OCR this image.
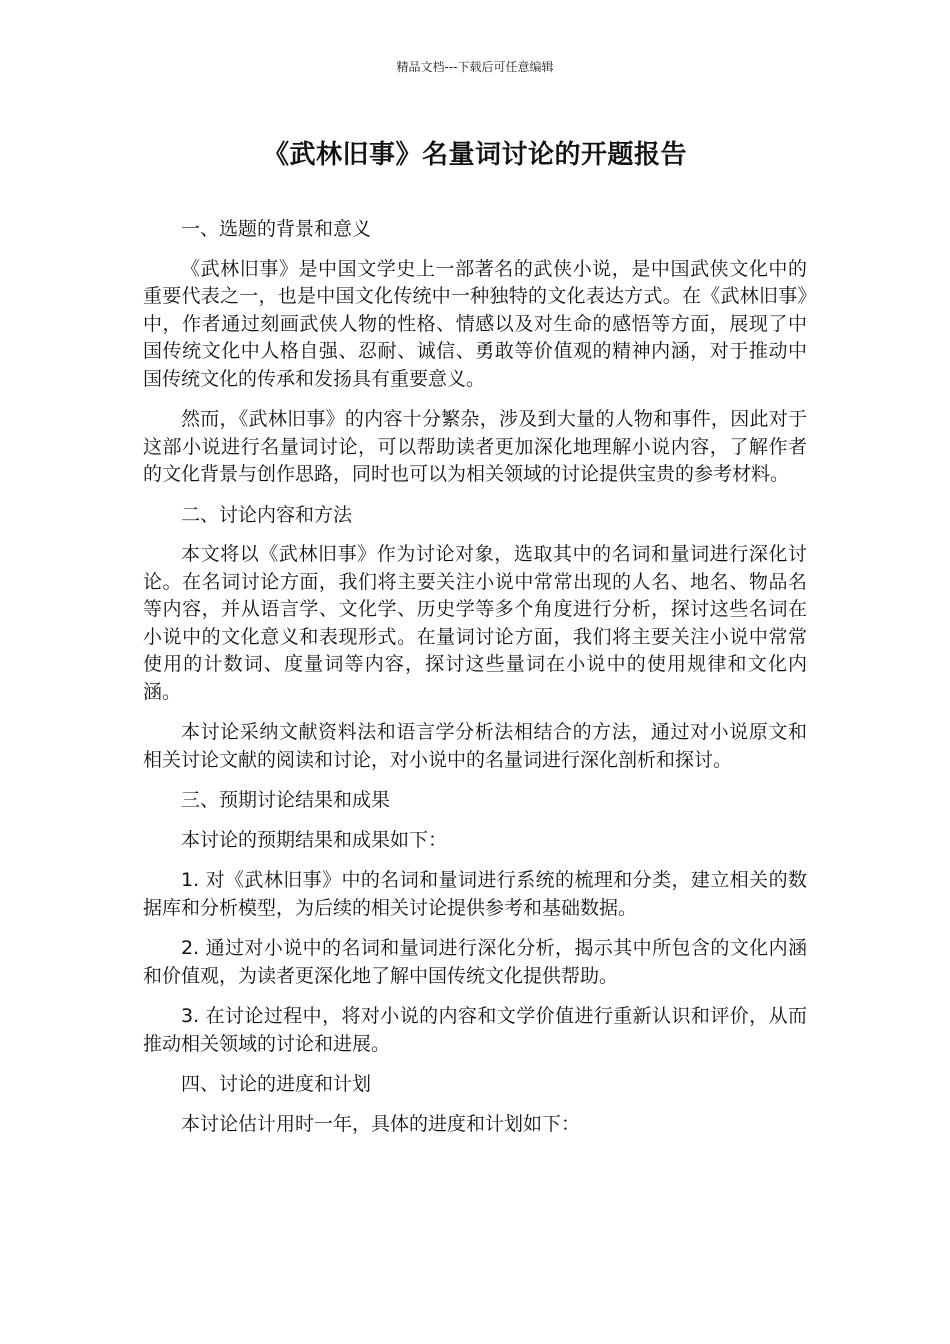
精品文档---下载后可任意编辑
《武林旧事》名量词讨论的开题报告

一、选题的背景和意义

《武林旧事》是中国文学史上一部著名的武侠小说，是中国武侠文化中的重要代表之一，也是中国文化传统中一种独特的文化表达方式。在《武林旧事》中，作者通过刻画武侠人物的性格、情感以及对生命的感悟等方面，展现了中国传统文化中人格自强、忍耐、诚信、勇敢等价值观的精神内涵，对于推动中国传统文化的传承和发扬具有重要意义。

然而，《武林旧事》的内容十分繁杂，涉及到大量的人物和事件，因此对于这部小说进行名量词讨论，可以帮助读者更加深化地理解小说内容，了解作者的文化背景与创作思路，同时也可以为相关领域的讨论提供宝贵的参考材料。

二、讨论内容和方法

本文将以《武林旧事》作为讨论对象，选取其中的名词和量词进行深化讨论。在名词讨论方面，我们将主要关注小说中常常出现的人名、地名、物品名等内容，并从语言学、文化学、历史学等多个角度进行分析，探讨这些名词在小说中的文化意义和表现形式。在量词讨论方面，我们将主要关注小说中常常使用的计数词、度量词等内容，探讨这些量词在小说中的使用规律和文化内涵。

本讨论采纳文献资料法和语言学分析法相结合的方法，通过对小说原文和相关讨论文献的阅读和讨论，对小说中的名量词进行深化剖析和探讨。

三、预期讨论结果和成果

本讨论的预期结果和成果如下：

1. 对《武林旧事》中的名词和量词进行系统的梳理和分类，建立相关的数据库和分析模型，为后续的相关讨论提供参考和基础数据。

2. 通过对小说中的名词和量词进行深化分析，揭示其中所包含的文化内涵和价值观，为读者更深化地了解中国传统文化提供帮助。

3. 在讨论过程中，将对小说的内容和文学价值进行重新认识和评价，从而推动相关领域的讨论和进展。

四、讨论的进度和计划

本讨论估计用时一年，具体的进度和计划如下：
